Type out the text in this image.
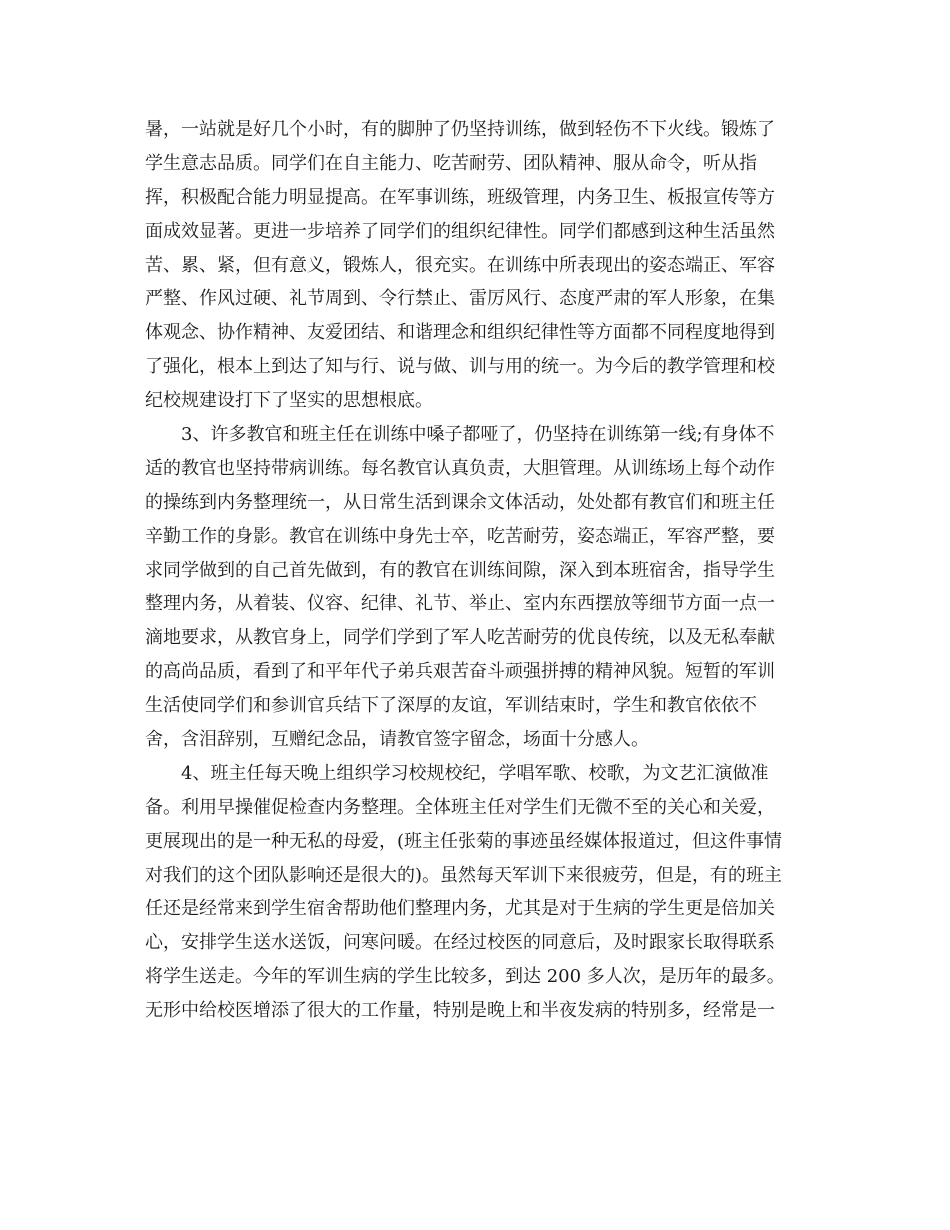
暑，一站就是好几个小时，有的脚肿了仍坚持训练，做到轻伤不下火线。锻炼了
学生意志品质。同学们在自主能力、吃苦耐劳、团队精神、服从命令，听从指
挥，积极配合能力明显提高。在军事训练，班级管理，内务卫生、板报宣传等方
面成效显著。更进一步培养了同学们的组织纪律性。同学们都感到这种生活虽然
苦、累、紧，但有意义，锻炼人，很充实。在训练中所表现出的姿态端正、军容
严整、作风过硬、礼节周到、令行禁止、雷厉风行、态度严肃的军人形象，在集
体观念、协作精神、友爱团结、和谐理念和组织纪律性等方面都不同程度地得到
了强化，根本上到达了知与行、说与做、训与用的统一。为今后的教学管理和校
纪校规建设打下了坚实的思想根底。
3、许多教官和班主任在训练中嗓子都哑了，仍坚持在训练第一线;有身体不
适的教官也坚持带病训练。每名教官认真负责，大胆管理。从训练场上每个动作
的操练到内务整理统一，从日常生活到课余文体活动，处处都有教官们和班主任
辛勤工作的身影。教官在训练中身先士卒，吃苦耐劳，姿态端正，军容严整，要
求同学做到的自己首先做到，有的教官在训练间隙，深入到本班宿舍，指导学生
整理内务，从着装、仪容、纪律、礼节、举止、室内东西摆放等细节方面一点一
滴地要求，从教官身上，同学们学到了军人吃苦耐劳的优良传统，以及无私奉献
的高尚品质，看到了和平年代子弟兵艰苦奋斗顽强拼搏的精神风貌。短暂的军训
生活使同学们和参训官兵结下了深厚的友谊，军训结束时，学生和教官依依不
舍，含泪辞别，互赠纪念品，请教官签字留念，场面十分感人。
4、班主任每天晚上组织学习校规校纪，学唱军歌、校歌，为文艺汇演做准
备。利用早操催促检查内务整理。全体班主任对学生们无微不至的关心和关爱，
更展现出的是一种无私的母爱，(班主任张菊的事迹虽经媒体报道过，但这件事情
对我们的这个团队影响还是很大的)。虽然每天军训下来很疲劳，但是，有的班主
任还是经常来到学生宿舍帮助他们整理内务，尤其是对于生病的学生更是倍加关
心，安排学生送水送饭，问寒问暖。在经过校医的同意后，及时跟家长取得联系
将学生送走。今年的军训生病的学生比较多，到达 200 多人次，是历年的最多。
无形中给校医增添了很大的工作量，特别是晚上和半夜发病的特别多，经常是一
